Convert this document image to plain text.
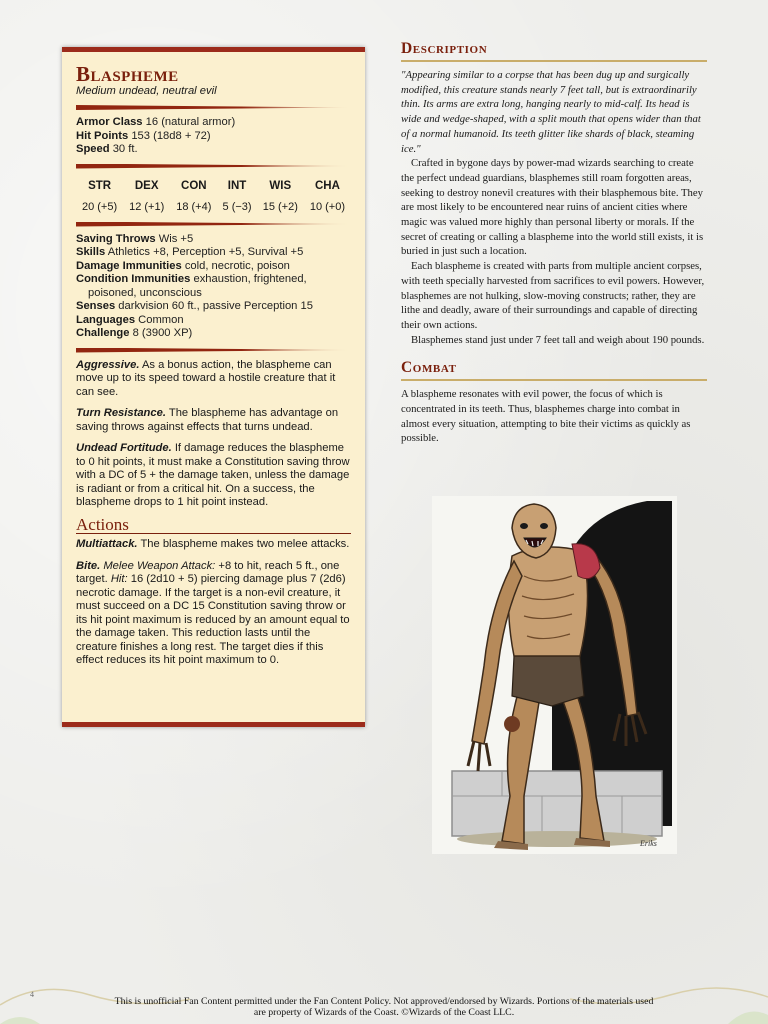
Blaspheme
Medium undead, neutral evil
Armor Class 16 (natural armor)
Hit Points 153 (18d8 + 72)
Speed 30 ft.
STR	DEX	CON	INT	WIS	CHA
20 (+5)	12 (+1)	18 (+4)	5 (−3)	15 (+2)	10 (+0)
Saving Throws Wis +5
Skills Athletics +8, Perception +5, Survival +5
Damage Immunities cold, necrotic, poison
Condition Immunities exhaustion, frightened,
poisoned, unconscious
Senses darkvision 60 ft., passive Perception 15
Languages Common
Challenge 8 (3900 XP)
Aggressive. As a bonus action, the blaspheme can move up to its speed toward a hostile creature that it can see.
Turn Resistance. The blaspheme has advantage on saving throws against effects that turns undead.
Undead Fortitude. If damage reduces the blaspheme to 0 hit points, it must make a Constitution saving throw with a DC of 5 + the damage taken, unless the damage is radiant or from a critical hit. On a success, the blaspheme drops to 1 hit point instead.
Actions
Multiattack. The blaspheme makes two melee attacks.
Bite. Melee Weapon Attack: +8 to hit, reach 5 ft., one target. Hit: 16 (2d10 + 5) piercing damage plus 7 (2d6) necrotic damage. If the target is a non-evil creature, it must succeed on a DC 15 Constitution saving throw or its hit point maximum is reduced by an amount equal to the damage taken. This reduction lasts until the creature finishes a long rest. The target dies if this effect reduces its hit point maximum to 0.
Description

"Appearing similar to a corpse that has been dug up and surgically modified, this creature stands nearly 7 feet tall, but is extraordinarily thin. Its arms are extra long, hanging nearly to mid-calf. Its head is wide and wedge-shaped, with a split mouth that opens wider than that of a normal humanoid. Its teeth glitter like shards of black, steaming ice."

Crafted in bygone days by power-mad wizards searching to create the perfect undead guardians, blasphemes still roam forgotten areas, seeking to destroy nonevil creatures with their blasphemous bite. They are most likely to be encountered near ruins of ancient cities where magic was valued more highly than personal liberty or morals. If the secret of creating or calling a blaspheme into the world still exists, it is buried in just such a location.

Each blaspheme is created with parts from multiple ancient corpses, with teeth specially harvested from sacrifices to evil powers. However, blasphemes are not hulking, slow-moving constructs; rather, they are lithe and deadly, aware of their surroundings and capable of directing their own actions.

Blasphemes stand just under 7 feet tall and weigh about 190 pounds.

Combat

A blaspheme resonates with evil power, the focus of which is concentrated in its teeth. Thus, blasphemes charge into combat in almost every situation, attempting to bite their victims as quickly as possible.

Eriks
4
This is unofficial Fan Content permitted under the Fan Content Policy. Not approved/endorsed by Wizards. Portions of the materials used
are property of Wizards of the Coast. ©Wizards of the Coast LLC.
